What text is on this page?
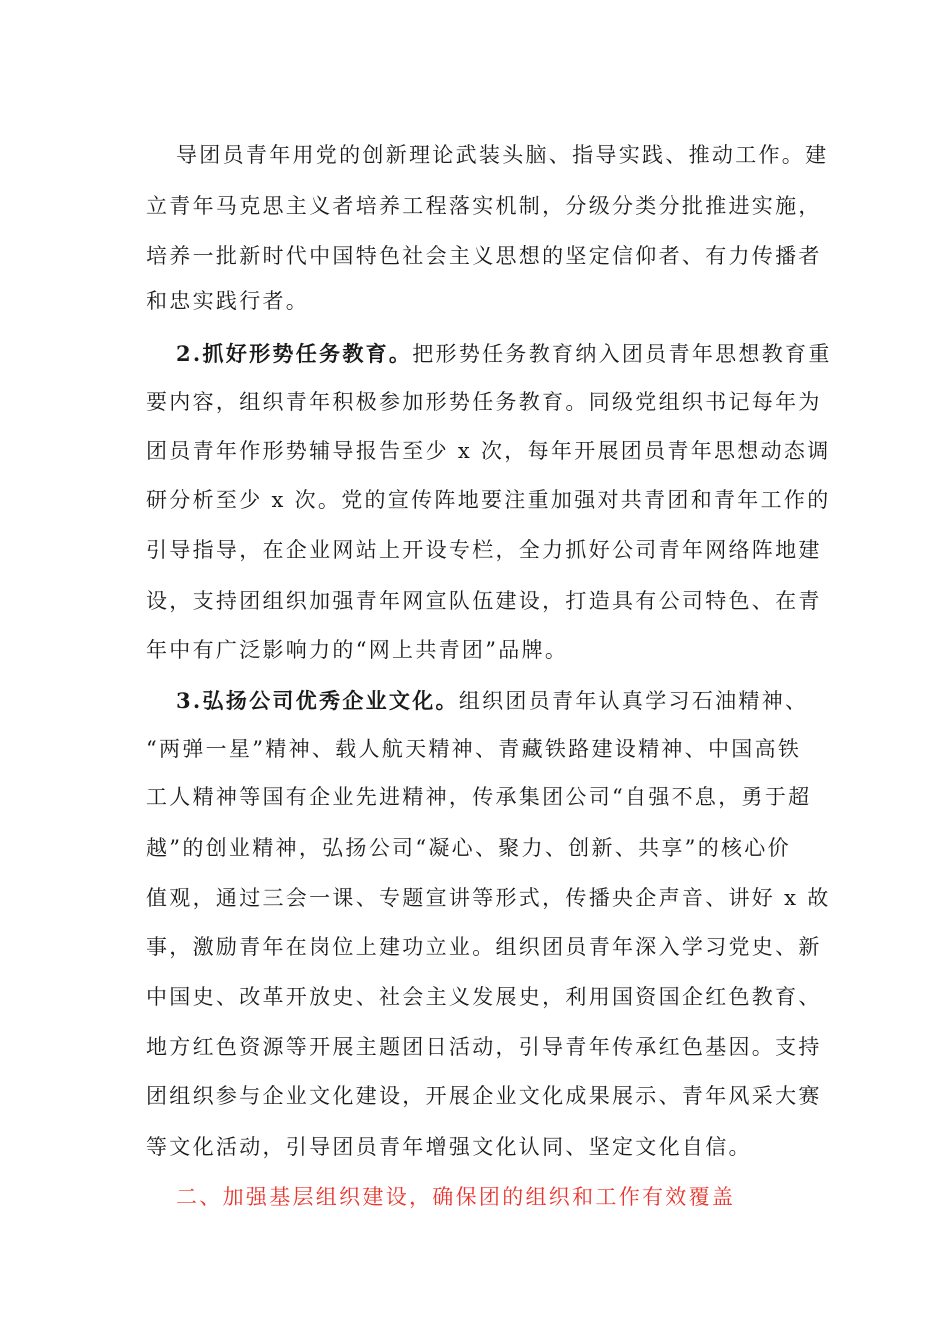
导团员青年用党的创新理论武装头脑、指导实践、推动工作。建
立青年马克思主义者培养工程落实机制，分级分类分批推进实施，
培养一批新时代中国特色社会主义思想的坚定信仰者、有力传播者
和忠实践行者。
2.抓好形势任务教育。把形势任务教育纳入团员青年思想教育重
要内容，组织青年积极参加形势任务教育。同级党组织书记每年为
团员青年作形势辅导报告至少 x 次，每年开展团员青年思想动态调
研分析至少 x 次。党的宣传阵地要注重加强对共青团和青年工作的
引导指导，在企业网站上开设专栏，全力抓好公司青年网络阵地建
设，支持团组织加强青年网宣队伍建设，打造具有公司特色、在青
年中有广泛影响力的“网上共青团”品牌。
3.弘扬公司优秀企业文化。组织团员青年认真学习石油精神、
“两弹一星”精神、载人航天精神、青藏铁路建设精神、中国高铁
工人精神等国有企业先进精神，传承集团公司“自强不息，勇于超
越”的创业精神，弘扬公司“凝心、聚力、创新、共享”的核心价
值观，通过三会一课、专题宣讲等形式，传播央企声音、讲好 x 故
事，激励青年在岗位上建功立业。组织团员青年深入学习党史、新
中国史、改革开放史、社会主义发展史，利用国资国企红色教育、
地方红色资源等开展主题团日活动，引导青年传承红色基因。支持
团组织参与企业文化建设，开展企业文化成果展示、青年风采大赛
等文化活动，引导团员青年增强文化认同、坚定文化自信。
二、加强基层组织建设，确保团的组织和工作有效覆盖
